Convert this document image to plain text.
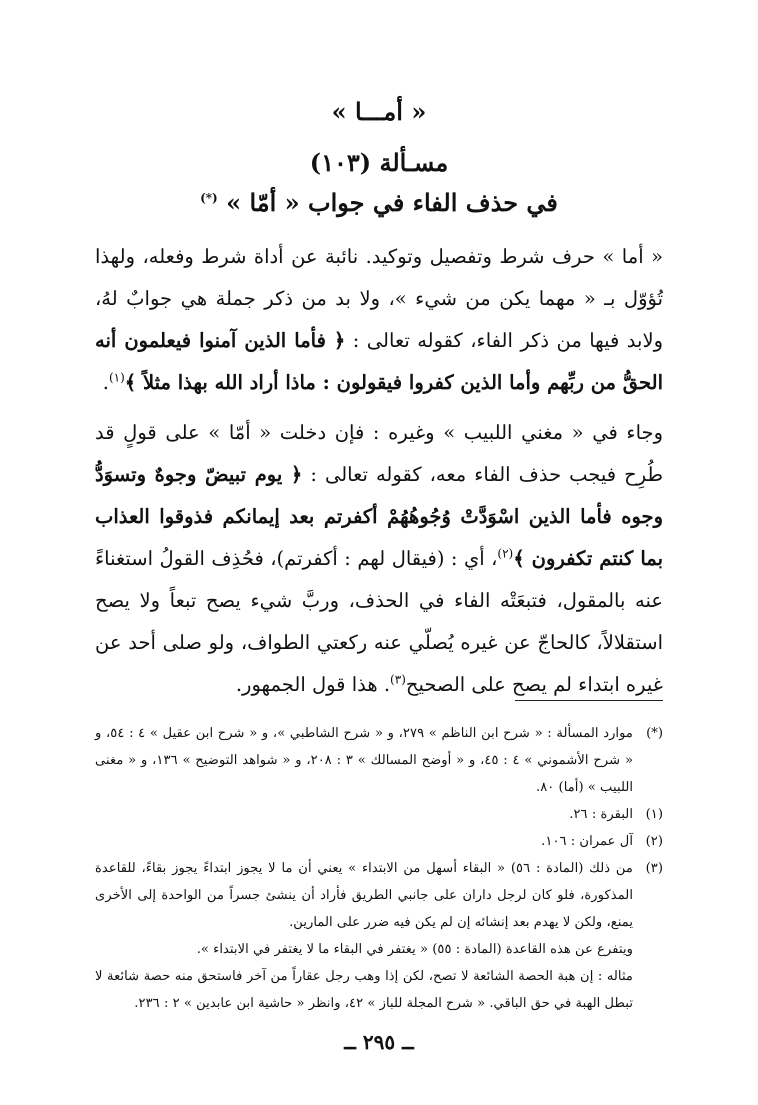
« أمـــا »
مسـألة (١٠٣)
في حذف الفاء في جواب « أمّا » (*)

« أما » حرف شرط وتفصيل وتوكيد. نائبة عن أداة شرط وفعله، ولهذا تُؤوّل بـ « مهما يكن من شيء »، ولا بد من ذكر جملة هي جوابٌ لهُ، ولابد فيها من ذكر الفاء، كقوله تعالى : ﴿ فأما الذين آمنوا فيعلمون أنه الحقُّ من ربِّهم وأما الذين كفروا فيقولون : ماذا أراد الله بهذا مثلاً ﴾$^{(١)}$.

وجاء في « مغني اللبيب » وغيره : فإن دخلت « أمّا » على قولٍ قد طُرِح فيجب حذف الفاء معه، كقوله تعالى : ﴿ يوم تبيضّ وجوهٌ وتسوَدُّ وجوه فأما الذين اسْوَدَّتْ وُجُوهُهُمْ أكفرتم بعد إيمانكم فذوقوا العذاب بما كنتم تكفرون ﴾$^{(٢)}$، أي : (فيقال لهم : أكفرتم)، فحُذِف القولُ استغناءً عنه بالمقول، فتبعَتْه الفاء في الحذف، وربَّ شيء يصح تبعاً ولا يصح استقلالاً، كالحاجّ عن غيره يُصلّي عنه ركعتي الطواف، ولو صلى أحد عن غيره ابتداء لم يصح على الصحيح$^{(٣)}$. هذا قول الجمهور.

(*)
موارد المسألة : « شرح ابن الناظم » ٢٧٩، و « شرح الشاطبي »، و « شرح ابن عقيل » ٤ : ٥٤، و « شرح الأشموني » ٤ : ٤٥، و « أوضح المسالك » ٣ : ٢٠٨، و « شواهد التوضيح » ١٣٦، و « مغنى اللبيب » (أما) ٨٠.
(١)
البقرة : ٢٦.
(٢)
آل عمران : ١٠٦.
(٣)
من ذلك (المادة : ٥٦) « البقاء أسهل من الابتداء » يعني أن ما لا يجوز ابتداءً يجوز بقاءً، للقاعدة المذكورة، فلو كان لرجل داران على جانبي الطريق فأراد أن ينشئ جسراً من الواحدة إلى الأخرى يمنع، ولكن لا يهدم بعد إنشائه إن لم يكن فيه ضرر على المارين.

ويتفرع عن هذه القاعدة (المادة : ٥٥) « يغتفر في البقاء ما لا يغتفر في الابتداء ».

مثاله : إن هبة الحصة الشائعة لا تصح، لكن إذا وهب رجل عقاراً من آخر فاستحق منه حصة شائعة لا تبطل الهبة في حق الباقي. « شرح المجلة للباز » ٤٢، وانظر « حاشية ابن عابدين » ٢ : ٢٣٦.

ــ ٢٩٥ ــ
